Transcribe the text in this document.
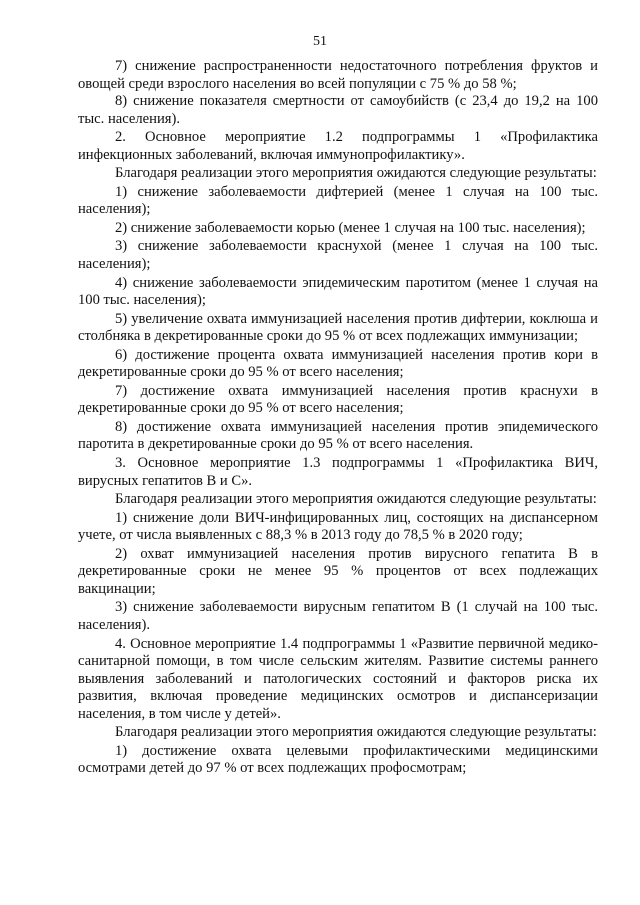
51

7) снижение распространенности недостаточного потребления фруктов и овощей среди взрослого населения во всей популяции с 75 % до 58 %;

8) снижение показателя смертности от самоубийств (с 23,4 до 19,2 на 100 тыс. населения).

2. Основное мероприятие 1.2 подпрограммы 1 «Профилактика инфекционных заболеваний, включая иммунопрофилактику».

Благодаря реализации этого мероприятия ожидаются следующие результаты:

1) снижение заболеваемости дифтерией (менее 1 случая на 100 тыс. населения);

2) снижение заболеваемости корью (менее 1 случая на 100 тыс. населения);

3) снижение заболеваемости краснухой (менее 1 случая на 100 тыс. населения);

4) снижение заболеваемости эпидемическим паротитом (менее 1 случая на 100 тыс. населения);

5) увеличение охвата иммунизацией населения против дифтерии, коклюша и столбняка в декретированные сроки до 95 % от всех подлежащих иммунизации;

6) достижение процента охвата иммунизацией населения против кори в декретированные сроки до 95 % от всего населения;

7) достижение охвата иммунизацией населения против краснухи в декретированные сроки до 95 % от всего населения;

8) достижение охвата иммунизацией населения против эпидемического паротита в декретированные сроки до 95 % от всего населения.

3. Основное мероприятие 1.3 подпрограммы 1 «Профилактика ВИЧ, вирусных гепатитов В и С».

Благодаря реализации этого мероприятия ожидаются следующие результаты:

1) снижение доли ВИЧ-инфицированных лиц, состоящих на диспансерном учете, от числа выявленных с 88,3 % в 2013 году до 78,5 % в 2020 году;

2) охват иммунизацией населения против вирусного гепатита В в декретированные сроки не менее 95 % процентов от всех подлежащих вакцинации;

3) снижение заболеваемости вирусным гепатитом В (1 случай на 100 тыс. населения).

4. Основное мероприятие 1.4 подпрограммы 1 «Развитие первичной медико-санитарной помощи, в том числе сельским жителям. Развитие системы раннего выявления заболеваний и патологических состояний и факторов риска их развития, включая проведение медицинских осмотров и диспансеризации населения, в том числе у детей».

Благодаря реализации этого мероприятия ожидаются следующие результаты:

1) достижение охвата целевыми профилактическими медицинскими осмотрами детей до 97 % от всех подлежащих профосмотрам;
